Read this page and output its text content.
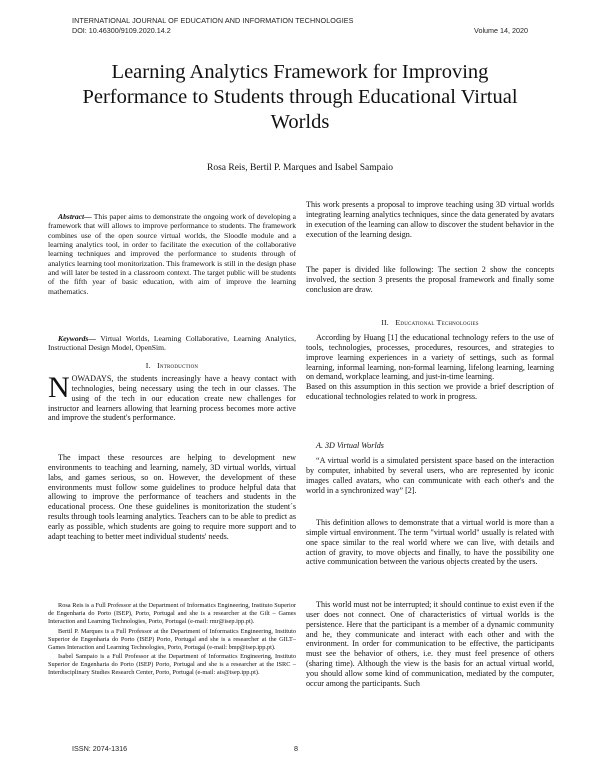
INTERNATIONAL JOURNAL OF EDUCATION AND INFORMATION TECHNOLOGIES
DOI: 10.46300/9109.2020.14.2	Volume 14, 2020
Learning Analytics Framework for Improving Performance to Students through Educational Virtual Worlds
Rosa Reis, Bertil P. Marques and Isabel Sampaio
Abstract— This paper aims to demonstrate the ongoing work of developing a framework that will allows to improve performance to students. The framework combines use of the open source virtual worlds, the Sloodle module and a learning analytics tool, in order to facilitate the execution of the collaborative learning techniques and improved the performance to students through of analytics learning tool monitorization. This framework is still in the design phase and will later be tested in a classroom context. The target public will be students of the fifth year of basic education, with aim of improve the learning mathematics.
Keywords— Virtual Worlds, Learning Collaborative, Learning Analytics, Instructional Design Model, OpenSim.
I. Introduction
NOWADAYS, the students increasingly have a heavy contact with technologies, being necessary using the tech in our classes. The using of the tech in our education create new challenges for instructor and learners allowing that learning process becomes more active and improve the student's performance.
The impact these resources are helping to development new environments to teaching and learning, namely, 3D virtual worlds, virtual labs, and games serious, so on. However, the development of these environments must follow some guidelines to produce helpful data that allowing to improve the performance of teachers and students in the educational process. One these guidelines is monitorization the student´s results through tools learning analytics. Teachers can to be able to predict as early as possible, which students are going to require more support and to adapt teaching to better meet individual students' needs.

Rosa Reis is a Full Professor at the Department of Informatics Engineering, Instituto Superior de Engenharia do Porto (ISEP), Porto, Portugal and she is a researcher at the Gilt – Games Interaction and Learning Technologies, Porto, Portugal (e-mail: rmr@isep.ipp.pt).

Bertil P. Marques is a Full Professor at the Department of Informatics Engineering, Instituto Superior de Engenharia do Porto (ISEP) Porto, Portugal and she is a researcher at the GILT– Games Interaction and Learning Technologies, Porto, Portugal (e-mail: bmp@isep.ipp.pt).

Isabel Sampaio is a Full Professor at the Department of Informatics Engineering, Instituto Superior de Engenharia do Porto (ISEP) Porto, Portugal and she is a researcher at the ISRC – Interdisciplinary Studies Research Center, Porto, Portugal (e-mail: ais@isep.ipp.pt).

This work presents a proposal to improve teaching using 3D virtual worlds integrating learning analytics techniques, since the data generated by avatars in execution of the learning can allow to discover the student behavior in the execution of the learning design.
The paper is divided like following: The section 2 show the concepts involved, the section 3 presents the proposal framework and finally some conclusion are draw.
II. Educational Technologies

According by Huang [1] the educational technology refers to the use of tools, technologies, processes, procedures, resources, and strategies to improve learning experiences in a variety of settings, such as formal learning, informal learning, non-formal learning, lifelong learning, learning on demand, workplace learning, and just-in-time learning.

Based on this assumption in this section we provide a brief description of educational technologies related to work in progress.

A. 3D Virtual Worlds
“A virtual world is a simulated persistent space based on the interaction by computer, inhabited by several users, who are represented by iconic images called avatars, who can communicate with each other's and the world in a synchronized way” [2].
This definition allows to demonstrate that a virtual world is more than a simple virtual environment. The term "virtual world" usually is related with one space similar to the real world where we can live, with details and action of gravity, to move objects and finally, to have the possibility one active communication between the various objects created by the users.
This world must not be interrupted; it should continue to exist even if the user does not connect. One of characteristics of virtual worlds is the persistence. Here that the participant is a member of a dynamic community and he, they communicate and interact with each other and with the environment. In order for communication to be effective, the participants must see the behavior of others, i.e. they must feel presence of others (sharing time). Although the view is the basis for an actual virtual world, you should allow some kind of communication, mediated by the computer, occur among the participants. Such
ISSN: 2074-1316	8
